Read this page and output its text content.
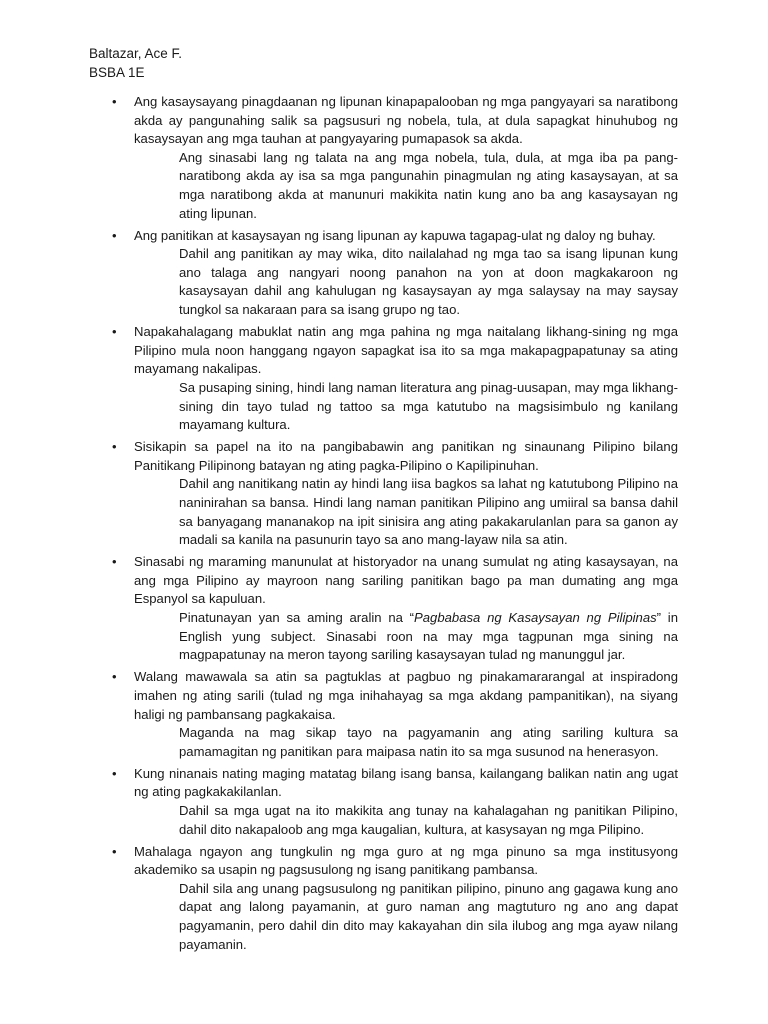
Baltazar, Ace F.
BSBA 1E
• Ang kasaysayang pinagdaanan ng lipunan kinapapalooban ng mga pangyayari sa naratibong akda ay pangunahing salik sa pagsusuri ng nobela, tula, at dula sapagkat hinuhubog ng kasaysayan ang mga tauhan at pangyayaring pumapasok sa akda.
Ang sinasabi lang ng talata na ang mga nobela, tula, dula, at mga iba pa pang-naratibong akda ay isa sa mga pangunahin pinagmulan ng ating kasaysayan, at sa mga naratibong akda at manunuri makikita natin kung ano ba ang kasaysayan ng ating lipunan.
• Ang panitikan at kasaysayan ng isang lipunan ay kapuwa tagapag-ulat ng daloy ng buhay.
Dahil ang panitikan ay may wika, dito nailalahad ng mga tao sa isang lipunan kung ano talaga ang nangyari noong panahon na yon at doon magkakaroon ng kasaysayan dahil ang kahulugan ng kasaysayan ay mga salaysay na may saysay tungkol sa nakaraan para sa isang grupo ng tao.
• Napakahalagang mabuklat natin ang mga pahina ng mga naitalang likhang-sining ng mga Pilipino mula noon hanggang ngayon sapagkat isa ito sa mga makapagpapatunay sa ating mayamang nakalipas.
Sa pusaping sining, hindi lang naman literatura ang pinag-uusapan, may mga likhang-sining din tayo tulad ng tattoo sa mga katutubo na magsisimbulo ng kanilang mayamang kultura.
• Sisikapin sa papel na ito na pangibabawin ang panitikan ng sinaunang Pilipino bilang Panitikang Pilipinong batayan ng ating pagka-Pilipino o Kapilipinuhan.
Dahil ang nanitikang natin ay hindi lang iisa bagkos sa lahat ng katutubong Pilipino na naninirahan sa bansa. Hindi lang naman panitikan Pilipino ang umiiral sa bansa dahil sa banyagang mananakop na ipit sinisira ang ating pakakarulanlan para sa ganon ay madali sa kanila na pasunurin tayo sa ano mang-layaw nila sa atin.
• Sinasabi ng maraming manunulat at historyador na unang sumulat ng ating kasaysayan, na ang mga Pilipino ay mayroon nang sariling panitikan bago pa man dumating ang mga Espanyol sa kapuluan.
Pinatunayan yan sa aming aralin na “Pagbabasa ng Kasaysayan ng Pilipinas” in English yung subject. Sinasabi roon na may mga tagpunan mga sining na magpapatunay na meron tayong sariling kasaysayan tulad ng manunggul jar.
• Walang mawawala sa atin sa pagtuklas at pagbuo ng pinakamararangal at inspiradong imahen ng ating sarili (tulad ng mga inihahayag sa mga akdang pampanitikan), na siyang haligi ng pambansang pagkakaisa.
Maganda na mag sikap tayo na pagyamanin ang ating sariling kultura sa pamamagitan ng panitikan para maipasa natin ito sa mga susunod na henerasyon.
• Kung ninanais nating maging matatag bilang isang bansa, kailangang balikan natin ang ugat ng ating pagkakakilanlan.
Dahil sa mga ugat na ito makikita ang tunay na kahalagahan ng panitikan Pilipino, dahil dito nakapaloob ang mga kaugalian, kultura, at kasysayan ng mga Pilipino.
• Mahalaga ngayon ang tungkulin ng mga guro at ng mga pinuno sa mga institusyong akademiko sa usapin ng pagsusulong ng isang panitikang pambansa.
Dahil sila ang unang pagsusulong ng panitikan pilipino, pinuno ang gagawa kung ano dapat ang lalong payamanin, at guro naman ang magtuturo ng ano ang dapat pagyamanin, pero dahil din dito may kakayahan din sila ilubog ang mga ayaw nilang payamanin.
